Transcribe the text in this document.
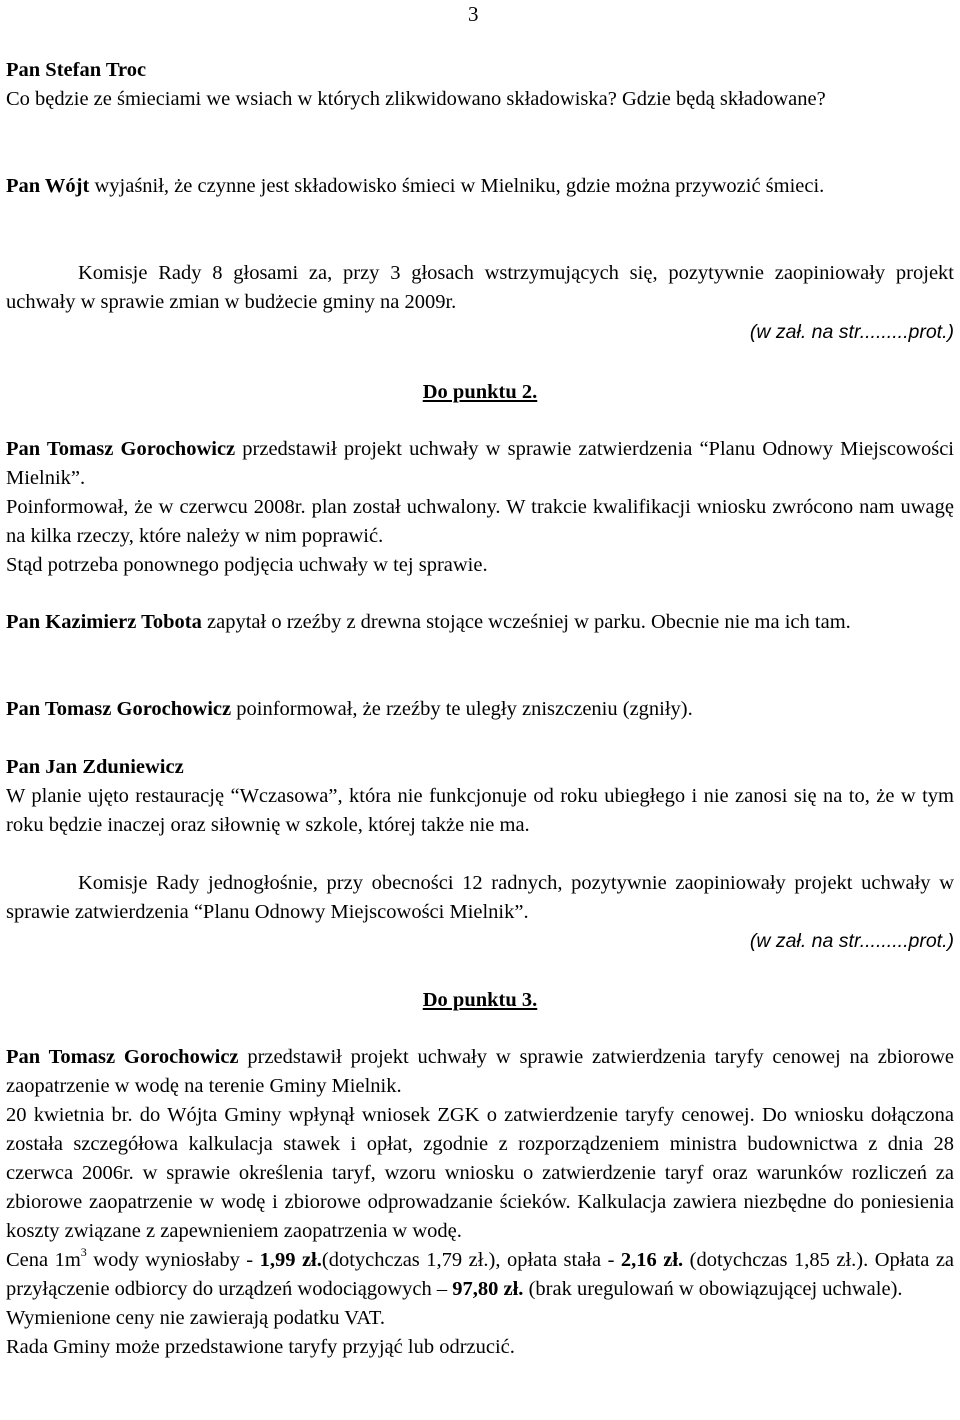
3
Pan Stefan Troc
Co będzie ze śmieciami we wsiach w których zlikwidowano składowiska? Gdzie będą składowane?
Pan Wójt wyjaśnił, że czynne jest składowisko śmieci w Mielniku, gdzie można przywozić śmieci.
Komisje Rady 8 głosami za, przy 3 głosach wstrzymujących się, pozytywnie zaopiniowały projekt uchwały w sprawie zmian w budżecie gminy na 2009r.
(w zał. na str.........prot.)
Do punktu 2.
Pan Tomasz Gorochowicz przedstawił projekt uchwały w sprawie zatwierdzenia “Planu Odnowy Miejscowości Mielnik”.
Poinformował, że w czerwcu 2008r. plan został uchwalony. W trakcie kwalifikacji wniosku zwrócono nam uwagę na kilka rzeczy, które należy w nim poprawić.
Stąd potrzeba ponownego podjęcia uchwały w tej sprawie.
Pan Kazimierz Tobota zapytał o rzeźby z drewna stojące wcześniej w parku. Obecnie nie ma ich tam.
Pan Tomasz Gorochowicz poinformował, że rzeźby te uległy zniszczeniu (zgniły).
Pan Jan Zduniewicz
W planie ujęto restaurację “Wczasowa”, która nie funkcjonuje od roku ubiegłego i nie zanosi się na to, że w tym roku będzie inaczej oraz siłownię w szkole, której także nie ma.
Komisje Rady jednogłośnie, przy obecności 12 radnych, pozytywnie zaopiniowały projekt uchwały w sprawie zatwierdzenia “Planu Odnowy Miejscowości Mielnik”.
(w zał. na str.........prot.)
Do punktu 3.
Pan Tomasz Gorochowicz przedstawił projekt uchwały w sprawie zatwierdzenia taryfy cenowej na zbiorowe zaopatrzenie w wodę na terenie Gminy Mielnik.
20 kwietnia br. do Wójta Gminy wpłynął wniosek ZGK o zatwierdzenie taryfy cenowej. Do wniosku dołączona została szczegółowa kalkulacja stawek i opłat, zgodnie z rozporządzeniem ministra budownictwa z dnia 28 czerwca 2006r. w sprawie określenia taryf, wzoru wniosku o zatwierdzenie taryf oraz warunków rozliczeń za zbiorowe zaopatrzenie w wodę i zbiorowe odprowadzanie ścieków. Kalkulacja zawiera niezbędne do poniesienia koszty związane z zapewnieniem zaopatrzenia w wodę.
Cena $1m^3$ wody wyniosłaby - 1,99 zł.(dotychczas 1,79 zł.), opłata stała - 2,16 zł. (dotychczas 1,85 zł.). Opłata za przyłączenie odbiorcy do urządzeń wodociągowych – 97,80 zł. (brak uregulowań w obowiązującej uchwale).
Wymienione ceny nie zawierają podatku VAT.
Rada Gminy może przedstawione taryfy przyjąć lub odrzucić.
